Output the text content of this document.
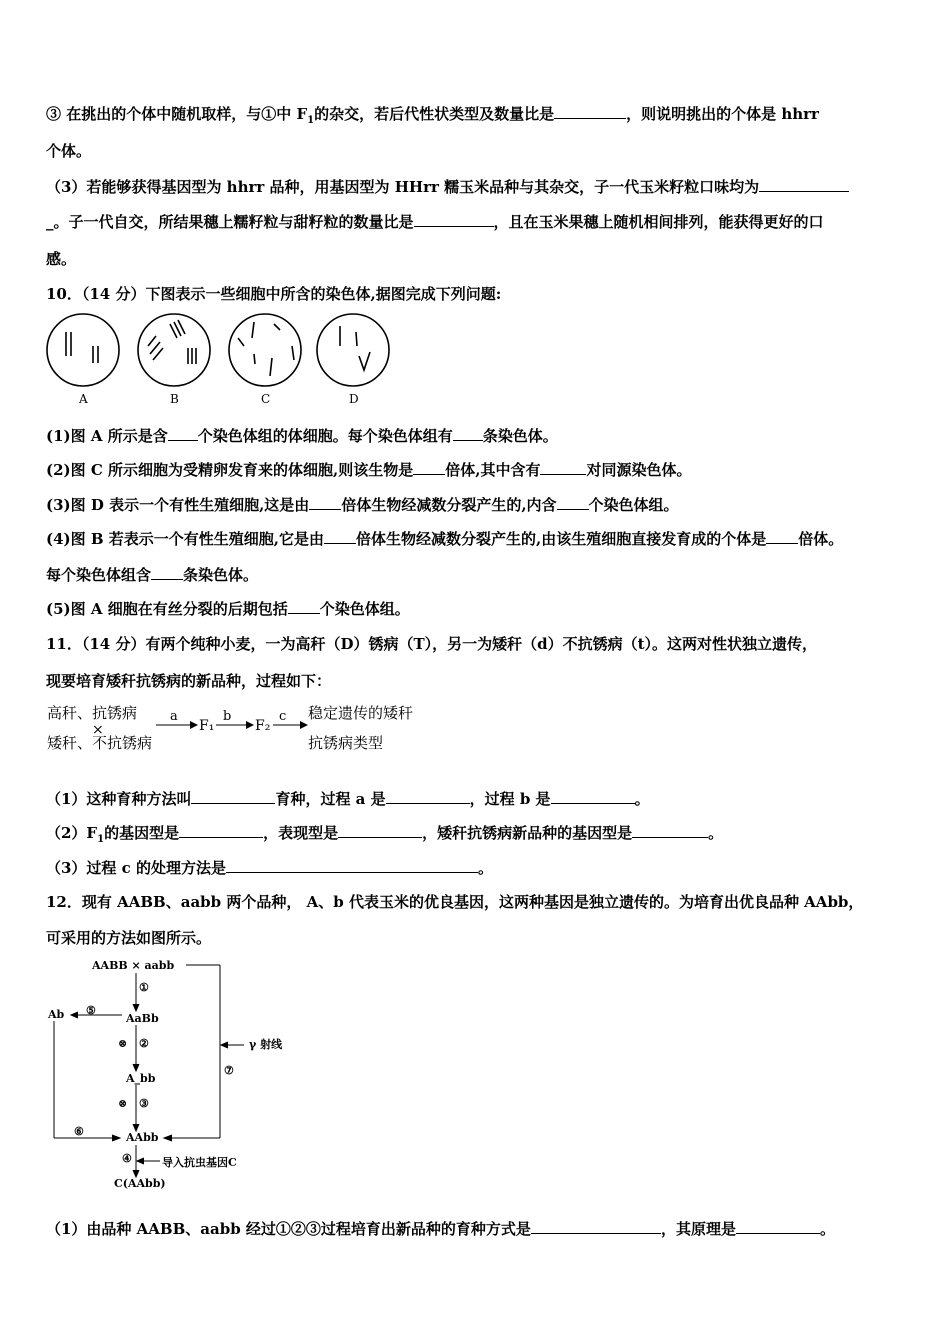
③ 在挑出的个体中随机取样，与①中 $F_1$的杂交，若后代性状类型及数量比是	，则说明挑出的个体是 hhrr
个体。
（3）若能够获得基因型为 hhrr 品种，用基因型为 HHrr 糯玉米品种与其杂交，子一代玉米籽粒口味均为
_。子一代自交，所结果穗上糯籽粒与甜籽粒的数量比是	，且在玉米果穗上随机相间排列，能获得更好的口
感。
10．（14 分）下图表示一些细胞中所含的染色体,据图完成下列问题:
A	B	C	D
(1)图 A 所示是含 个染色体组的体细胞。每个染色体组有 条染色体。
(2)图 C 所示细胞为受精卵发育来的体细胞,则该生物是 倍体,其中含有	对同源染色体。
(3)图 D 表示一个有性生殖细胞,这是由 倍体生物经减数分裂产生的,内含 个染色体组。
(4)图 B 若表示一个有性生殖细胞,它是由 倍体生物经减数分裂产生的,由该生殖细胞直接发育成的个体是 倍体。
每个染色体组含 条染色体。
(5)图 A 细胞在有丝分裂的后期包括 个染色体组。
11．（14 分）有两个纯种小麦，一为高秆（D）锈病（T），另一为矮秆（d）不抗锈病（t）。这两对性状独立遗传，
现要培育矮秆抗锈病的新品种，过程如下：
高秆、抗锈病
×
矮秆、不抗锈病
a
F₁
b
F₂
c 稳定遗传的矮秆
抗锈病类型
（1）这种育种方法叫	育种，过程 a 是	，过程 b 是	。
$(2)F_1$的基因型是	，表现型是	，矮秆抗锈病新品种的基因型是	。
（3）过程 c 的处理方法是	。
12．现有 AABB、aabb 两个品种， A、b 代表玉米的优良基因，这两种基因是独立遗传的。为培育出优良品种 AAbb，
可采用的方法如图所示。
AABB × aabb
①
AaBb
Ab ⑤
⊗ ②
A_bb
⊗ ③
AAbb
⑥
⑦
γ 射线
④	导入抗虫基因C
C(AAbb)
（1）由品种 AABB、aabb 经过①②③过程培育出新品种的育种方式是	，其原理是	。
